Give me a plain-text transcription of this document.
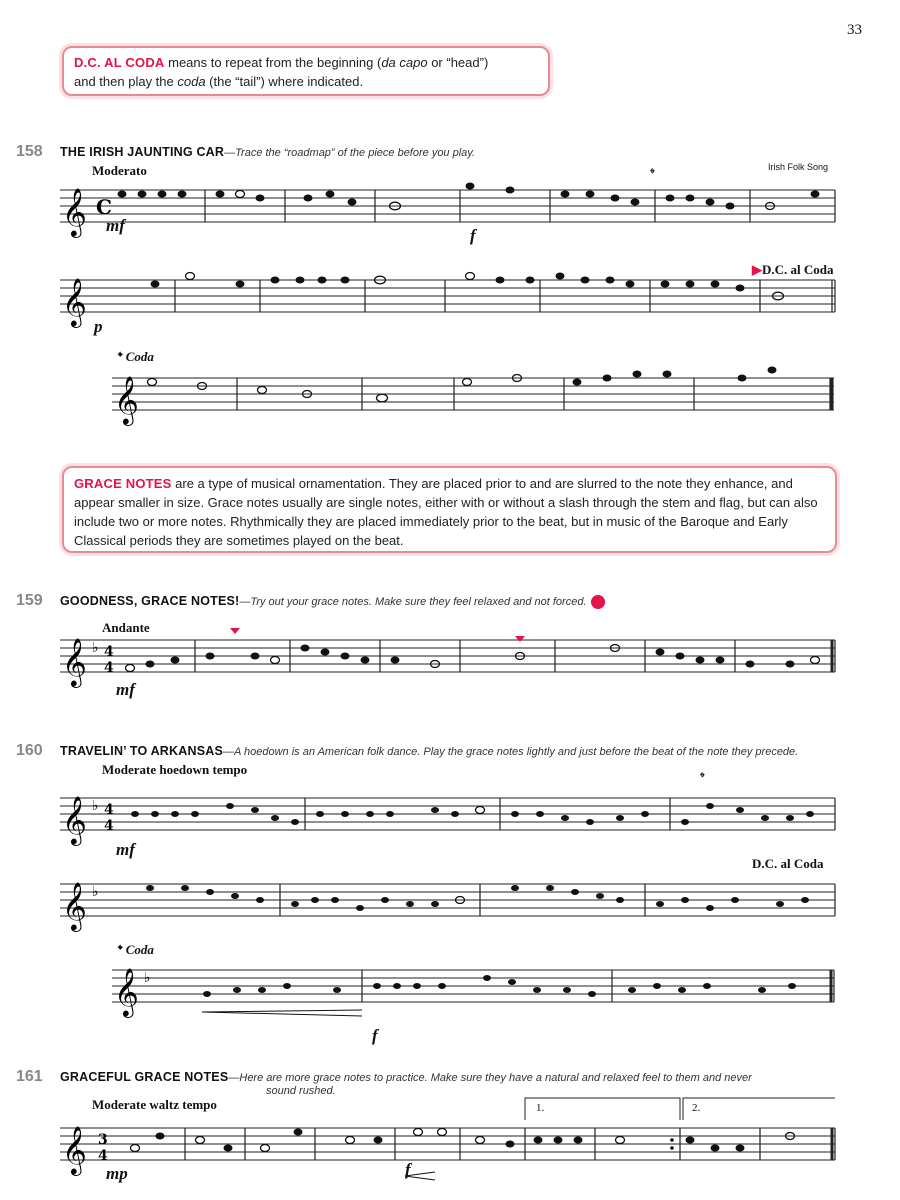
33
D.C. AL CODA means to repeat from the beginning (da capo or “head”)
and then play the coda (the “tail”) where indicated.
158 THE IRISH JAUNTING CAR—Trace the “roadmap” of the piece before you play.
Moderato	Irish Folk Song
𝄞 C
𝄌
mf
f
𝄞
▶D.C. al Coda
p
𝄌 Coda
𝄞
GRACE NOTES are a type of musical ornamentation. They are placed prior to and are slurred to the note they enhance, and appear smaller in size. Grace notes usually are single notes, either with or without a slash through the stem and flag, but can also include two or more notes. Rhythmically they are placed immediately prior to the beat, but in music of the Baroque and Early Classical periods they are sometimes played on the beat.
159 GOODNESS, GRACE NOTES!—Try out your grace notes. Make sure they feel relaxed and not forced.
Andante
𝄞 ♭ 4
4
mf
160 TRAVELIN’ TO ARKANSAS—A hoedown is an American folk dance. Play the grace notes lightly and just before the beat of the note they precede.
Moderate hoedown tempo
𝄞 ♭ 4
4
𝄌
mf
D.C. al Coda
𝄞 ♭
𝄌 Coda
𝄞 ♭
f
161 GRACEFUL GRACE NOTES—Here are more grace notes to practice. Make sure they have a natural and relaxed feel to them and never
sound rushed.
Moderate waltz tempo
𝄞 3
4
1.	2.
mp	f
